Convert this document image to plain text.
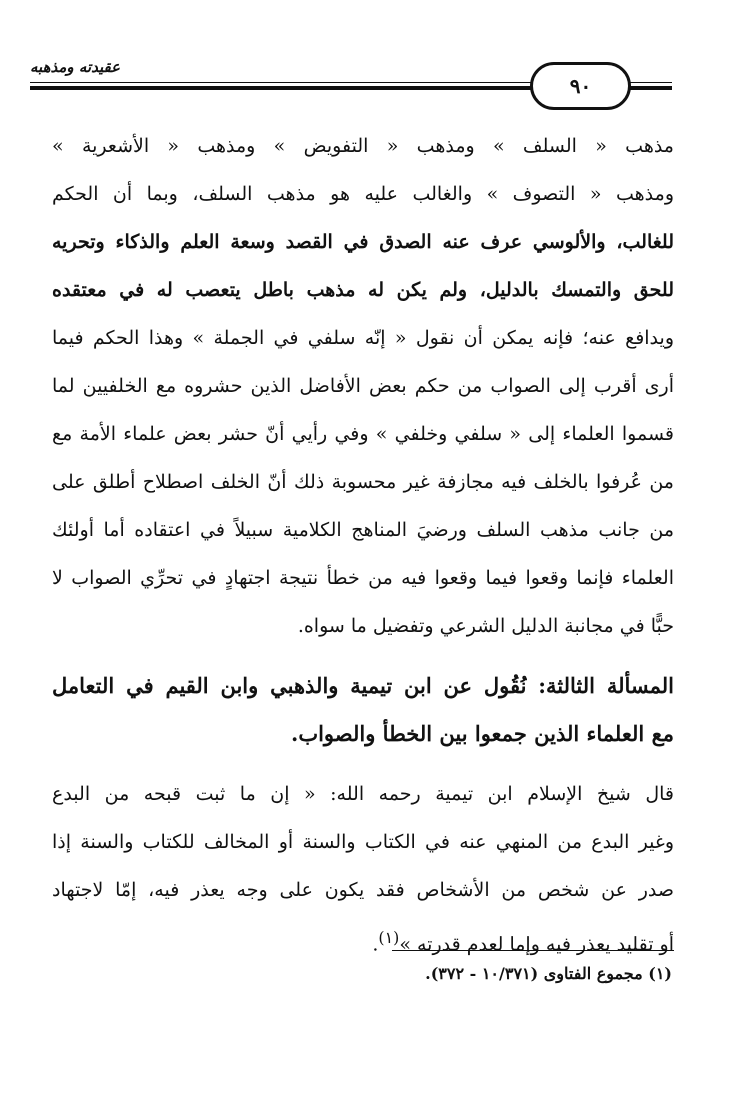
عقيدته ومذهبه
٩٠
مذهب « السلف » ومذهب « التفويض » ومذهب « الأشعرية »
ومذهب « التصوف » والغالب عليه هو مذهب السلف، وبما أن الحكم
للغالب، والألوسي عرف عنه الصدق في القصد وسعة العلم والذكاء وتحريه
للحق والتمسك بالدليل، ولم يكن له مذهب باطل يتعصب له في معتقده
ويدافع عنه؛ فإنه يمكن أن نقول « إنّه سلفي في الجملة » وهذا الحكم فيما
أرى أقرب إلى الصواب من حكم بعض الأفاضل الذين حشروه مع الخلفيين لما
قسموا العلماء إلى « سلفي وخلفي » وفي رأيي أنّ حشر بعض علماء الأمة مع
من عُرفوا بالخلف فيه مجازفة غير محسوبة ذلك أنّ الخلف اصطلاح أطلق على
من جانب مذهب السلف ورضيَ المناهج الكلامية سبيلاً في اعتقاده أما أولئك
العلماء فإنما وقعوا فيما وقعوا فيه من خطأ نتيجة اجتهادٍ في تحرِّي الصواب لا
حبًّا في مجانبة الدليل الشرعي وتفضيل ما سواه.
المسألة الثالثة: نُقُول عن ابن تيمية والذهبي وابن القيم في التعامل
مع العلماء الذين جمعوا بين الخطأ والصواب.
قال شيخ الإسلام ابن تيمية رحمه الله: « إن ما ثبت قبحه من البدع
وغير البدع من المنهي عنه في الكتاب والسنة أو المخالف للكتاب والسنة إذا
صدر عن شخص من الأشخاص فقد يكون على وجه يعذر فيه، إمّا لاجتهاد
أو تقليد يعذر فيه وإما لعدم قدرته »$^{(١)}$.
(١) مجموع الفتاوى (١٠/٣٧١ - ٣٧٢).
